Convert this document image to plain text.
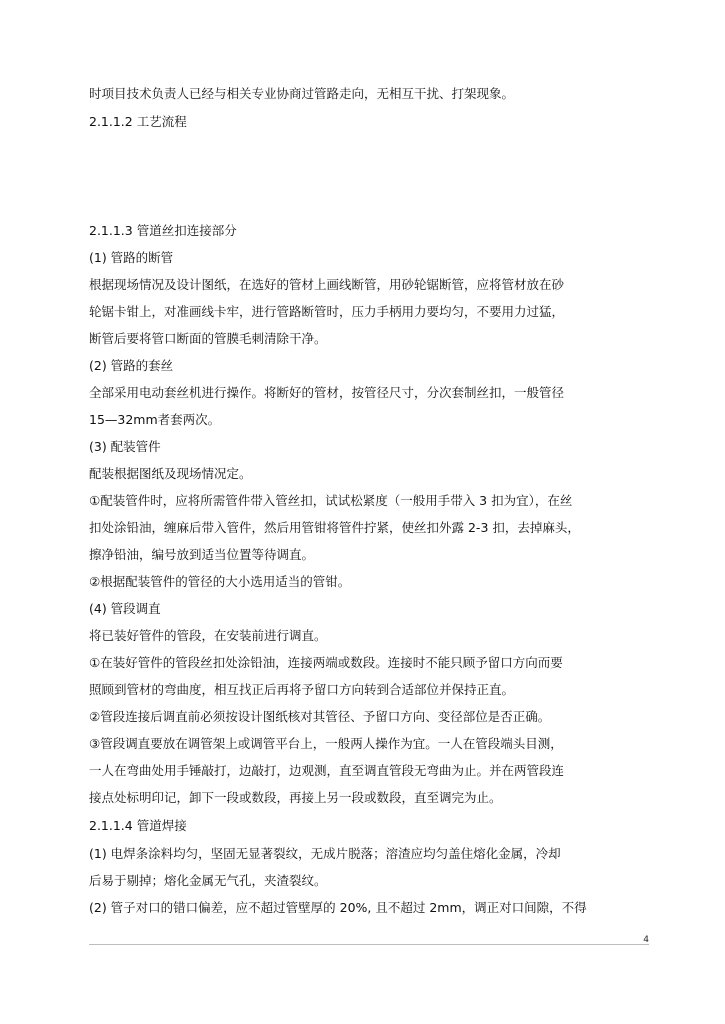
时项目技术负责人已经与相关专业协商过管路走向，无相互干扰、打架现象。
2.1.1.2 工艺流程
2.1.1.3 管道丝扣连接部分
(1) 管路的断管
根据现场情况及设计图纸，在选好的管材上画线断管，用砂轮锯断管，应将管材放在砂
轮锯卡钳上，对准画线卡牢，进行管路断管时，压力手柄用力要均匀，不要用力过猛，
断管后要将管口断面的管膜毛刺清除干净。
(2) 管路的套丝
全部采用电动套丝机进行操作。将断好的管材，按管径尺寸，分次套制丝扣，一般管径
15—32mm者套两次。
(3) 配装管件
配装根据图纸及现场情况定。
①配装管件时，应将所需管件带入管丝扣，试试松紧度（一般用手带入 3 扣为宜），在丝
扣处涂铅油，缠麻后带入管件，然后用管钳将管件拧紧，使丝扣外露 2-3 扣，去掉麻头，
擦净铅油，编号放到适当位置等待调直。
②根据配装管件的管径的大小选用适当的管钳。
(4) 管段调直
将已装好管件的管段，在安装前进行调直。
①在装好管件的管段丝扣处涂铅油，连接两端或数段。连接时不能只顾予留口方向而要
照顾到管材的弯曲度，相互找正后再将予留口方向转到合适部位并保持正直。
②管段连接后调直前必须按设计图纸核对其管径、予留口方向、变径部位是否正确。
③管段调直要放在调管架上或调管平台上，一般两人操作为宜。一人在管段端头目测，
一人在弯曲处用手锤敲打，边敲打，边观测，直至调直管段无弯曲为止。并在两管段连
接点处标明印记，卸下一段或数段，再接上另一段或数段，直至调完为止。
2.1.1.4 管道焊接
(1) 电焊条涂料均匀，坚固无显著裂纹，无成片脱落；溶渣应均匀盖住熔化金属，冷却
后易于剔掉；熔化金属无气孔，夹渣裂纹。
(2) 管子对口的错口偏差，应不超过管壁厚的 20%, 且不超过 2mm，调正对口间隙，不得
4
